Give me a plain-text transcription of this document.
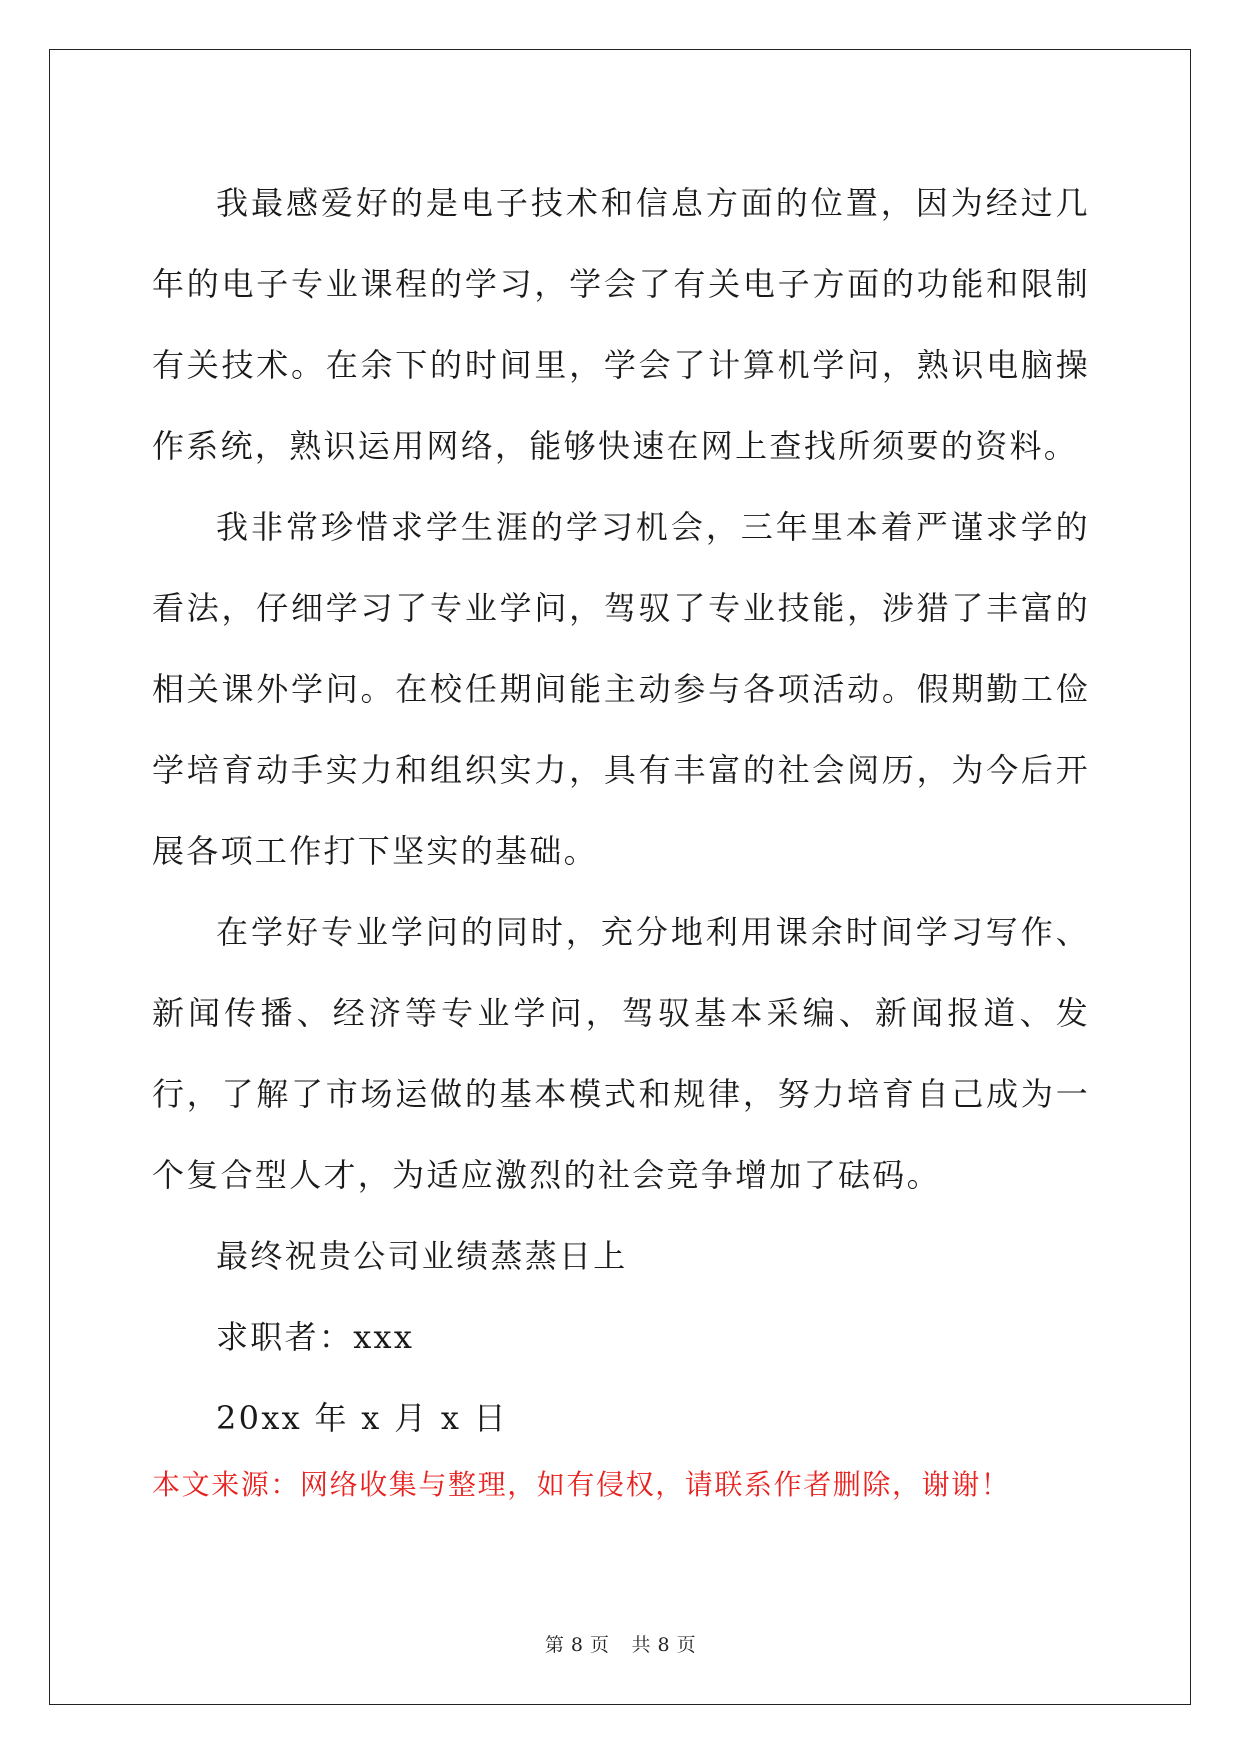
我最感爱好的是电子技术和信息方面的位置，因为经过几年的电子专业课程的学习，学会了有关电子方面的功能和限制有关技术。在余下的时间里，学会了计算机学问，熟识电脑操作系统，熟识运用网络，能够快速在网上查找所须要的资料。

我非常珍惜求学生涯的学习机会，三年里本着严谨求学的看法，仔细学习了专业学问，驾驭了专业技能，涉猎了丰富的相关课外学问。在校任期间能主动参与各项活动。假期勤工俭学培育动手实力和组织实力，具有丰富的社会阅历，为今后开展各项工作打下坚实的基础。

在学好专业学问的同时，充分地利用课余时间学习写作、新闻传播、经济等专业学问，驾驭基本采编、新闻报道、发行，了解了市场运做的基本模式和规律，努力培育自己成为一个复合型人才，为适应激烈的社会竞争增加了砝码。

最终祝贵公司业绩蒸蒸日上

求职者：xxx

20xx 年 x 月 x 日

本文来源：网络收集与整理，如有侵权，请联系作者删除，谢谢！
第 8 页 共 8 页
